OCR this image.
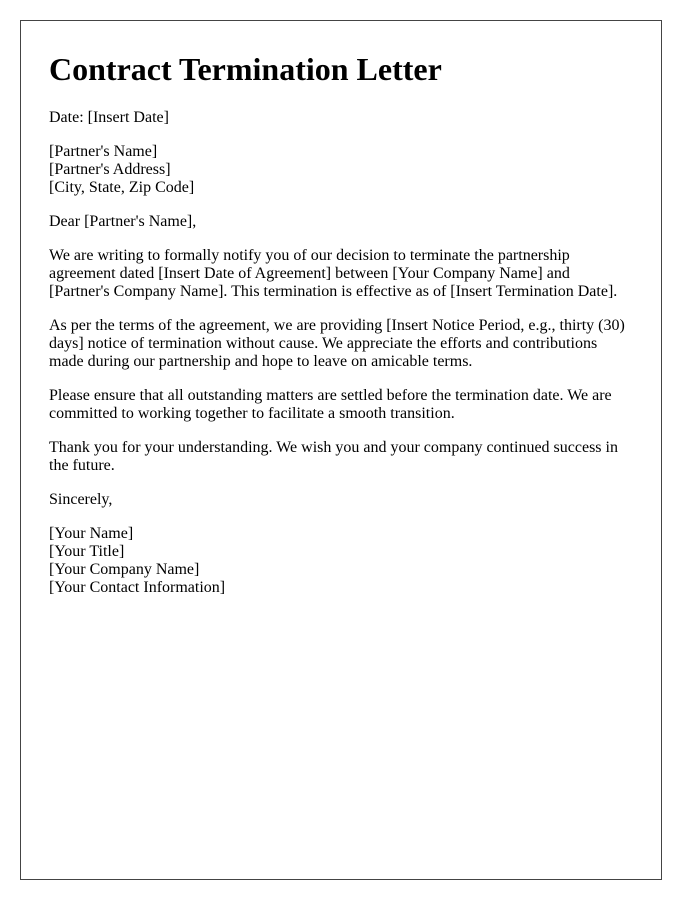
Contract Termination Letter

Date: [Insert Date]

[Partner's Name]
[Partner's Address]
[City, State, Zip Code]

Dear [Partner's Name],

We are writing to formally notify you of our decision to terminate the partnership agreement dated [Insert Date of Agreement] between [Your Company Name] and [Partner's Company Name]. This termination is effective as of [Insert Termination Date].

As per the terms of the agreement, we are providing [Insert Notice Period, e.g., thirty (30) days] notice of termination without cause. We appreciate the efforts and contributions made during our partnership and hope to leave on amicable terms.

Please ensure that all outstanding matters are settled before the termination date. We are committed to working together to facilitate a smooth transition.

Thank you for your understanding. We wish you and your company continued success in the future.

Sincerely,

[Your Name]
[Your Title]
[Your Company Name]
[Your Contact Information]
